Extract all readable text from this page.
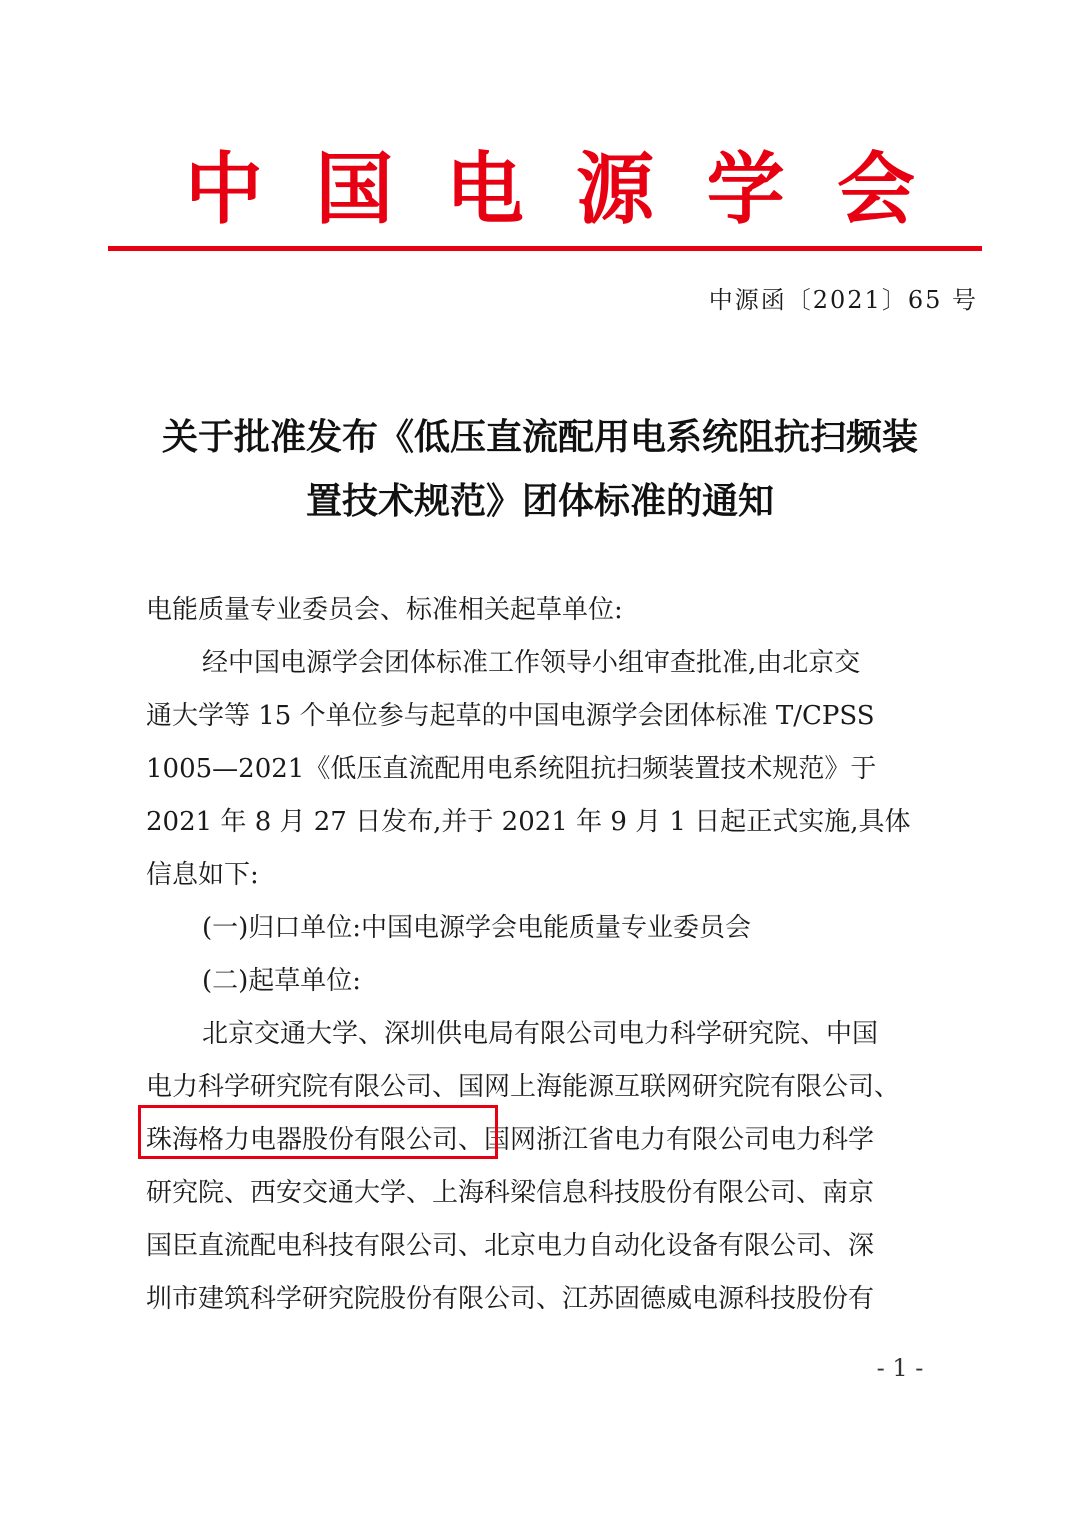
中 国 电 源 学 会
中源函〔2021〕65 号
关于批准发布《低压直流配用电系统阻抗扫频装
置技术规范》团体标准的通知
电能质量专业委员会、标准相关起草单位:
经中国电源学会团体标准工作领导小组审查批准,由北京交
通大学等 15 个单位参与起草的中国电源学会团体标准 T/CPSS
1005—2021《低压直流配用电系统阻抗扫频装置技术规范》于
2021 年 8 月 27 日发布,并于 2021 年 9 月 1 日起正式实施,具体
信息如下:
(一)归口单位:中国电源学会电能质量专业委员会
(二)起草单位:
北京交通大学、深圳供电局有限公司电力科学研究院、中国
电力科学研究院有限公司、国网上海能源互联网研究院有限公司、
珠海格力电器股份有限公司、国网浙江省电力有限公司电力科学
研究院、西安交通大学、上海科梁信息科技股份有限公司、南京
国臣直流配电科技有限公司、北京电力自动化设备有限公司、深
圳市建筑科学研究院股份有限公司、江苏固德威电源科技股份有
- 1 -
